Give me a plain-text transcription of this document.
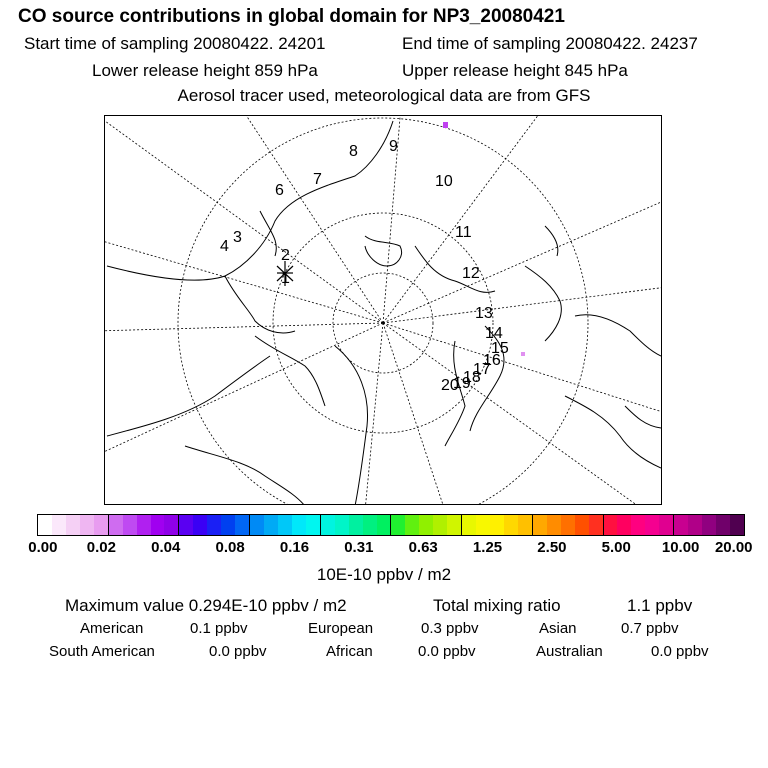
CO source contributions in global domain for NP3_20080421
Start time of sampling 20080422. 24201	End time of sampling 20080422. 24237
Lower release height 859 hPa	Upper release height 845 hPa
Aerosol tracer used, meteorological data are from GFS
1
2
3
4
6
7
8 9
10
11
12
13
14
15
16
17
18
19
20
0.00 0.02 0.04 0.08 0.16 0.31 0.63 1.25 2.50 5.00 10.00 20.00
10E-10 ppbv / m2
Maximum value 0.294E-10 ppbv / m2	Total mixing ratio	1.1 ppbv
American	0.1 ppbv	European	0.3 ppbv	Asian	0.7 ppbv
South American	0.0 ppbv	African	0.0 ppbv	Australian	0.0 ppbv
